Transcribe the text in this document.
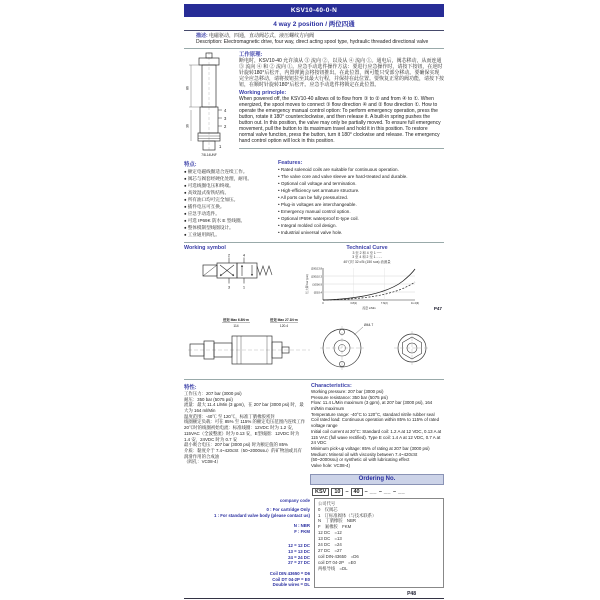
KSV10-40-0-N
4 way 2 position / 两位四通
描述: 电磁驱动，四通，直动阀芯式，液压螺纹方向阀
Description: Electromagnetic drive, four way, direct acting spool type, hydraulic threaded directional valve
4
3
2
1
7/8-14UNF
86
36
工作原理:
断电时，KSV10-40 允许油从 ③ 流向 ②，以及从 ④ 流向 ①。通电后，阀芯移动，从而连通 ③ 流向 ④ 和 ② 流向 ①。应急手动选件操作方法：要进行应急操作时，请按下按钮，在逆时针旋转180°后松开，内置弹簧会将按钮推出。在此位置，阀可能只受部分移动。要确保实现完全应急移动，请将按钮拉至其最大行程，并保持在此位置。要恢复正常的阀功能，请按下按钮，在顺时针旋转180°后松开。应急手动选件将锁定在此位置。
Working principle:
When powered off, the KSV10-40 allows oil to flow from ③ to ② and from ④ to ①. When energized, the spool moves to connect ③ flow direction ④ and ② flow direction ①. How to operate the emergency manual control option: To perform emergency operation, press the button, rotate it 180° counterclockwise, and then release it. A built-in spring pushes the button out. In this position, the valve may only be partially moved. To ensure full emergency movement, pull the button to its maximum travel and hold it in this position. To restore normal valve function, press the button, turn it 180° clockwise and release. The emergency hand control option will lock in this position.
特点:
● 额定电磁线圈适合连续工作。
● 阀芯与阀套经硬化处理，耐用。
● 可选线圈电压和终端。
● 高效湿式衔铁结构。
● 所有油口均可完全加压。
● 插件电压可互换。
● 应急手动选件。
● 可选 IP69K 防水 E 型线圈。
● 整体模制型线圈设计。
● 工业通用阀孔。
Features:
• Rated solenoid coils are suitable for continuous operation.
• The valve core and valve sleeve are hard-treated and durable.
• Optional coil voltage and termination.
• High-efficiency wet armature structure.
• All ports can be fully pressurized.
• Plug-in voltages are interchangeable.
• Emergency manual control option.
• Optional IP69K waterproof E-type coil.
• Integral molded coil design.
• Industrial universal valve hole.
Working symbol
2	4
3	1
Technical Curve
3 至 2 和 4 至 1 ──
3 至 4 和 2 至 1 - - -
40℃时 32 cSt (150 sus) 油测量
(50)3.4
(100)6.9
(150)10.3
(200)13.8
0	3.8(1)	7.6(2)	11.4(3)
压力降 bar (psi)
流量 L/Min	P47
扭矩 Max 6.8N·m
114
扭矩 Max 27.1N·m
120.4	Ø44.7
特性:
工作压力：207 bar (3000 psi)
耐压：350 bar (5075 psi)
流量：最大 11.4 L/Min (3 gpm)，在 207 bar (3000 psi) 时，最大为 164 ml/Min
温度范围：-40℃ 至 120℃，标准丁腈橡胶密封
线圈额定负载：可在 85% 至 115% 的额定电压范围内连续工作
20℃时的线圈初始电流：标准线圈：12VDC 时为 1.2 安，115VAC（全波整流）时为 0.13 安，E型线圈：12VDC 时为 1.4 安，24VDC 时为 0.7 安
最小吸合电压：207 bar (3000 psi) 时为额定值的 85%
介质：黏度介于 7.4~420cSt（50~2000ssu）的矿物油或具有润滑作用的合成油
（阀孔：VC08-4）
Characteristics:
Working pressure: 207 bar (3000 psi)
Pressure resistance: 350 bar (5075 psi)
Flow: 11.4 L/Min maximum (3 gpm), at 207 bar (3000 psi), 164 ml/Min maximum
Temperature range: -40°C to 120°C, standard nitrile rubber seal
Coil rated load: Continuous operation within 85% to 115% of rated voltage range
Initial coil current at 20°C: Standard coil: 1.2 A at 12 VDC, 0.13 A at 115 VAC (full wave rectified). Type E coil: 1.4 A at 12 VDC, 0.7 A at 24 VDC
Minimum pick-up voltage: 85% of rating at 207 bar (3000 psi)
Medium: Mineral oil with viscosity between 7.4~420cSt (50~2000ssu) or synthetic oil with lubricating effect
Valve hole: VC08-4)
Ordering No.
KSV	10 – 40 – __ – __ – __
company code
0 : For cartridge Only
1 : For standard valve body (please contact us)
N : NBR
F : FKM
12 = 12 DC
13 = 13 DC
24 = 24 DC
27 = 27 DC
Coil DIN 43650 = D6
Coil DT 04-2P = E0
Double wires = DL
公司代号
0　仅阀芯
1　订标准阀体（与技术联系）
N　丁腈橡胶　NBR
F　氟橡胶　FKM
12 DC　=12
13 DC　=13
24 DC　=24
27 DC　=27
coil DIN-43650　=D6
coil DT 04-2P　=E0
两根导线　=DL
P48
